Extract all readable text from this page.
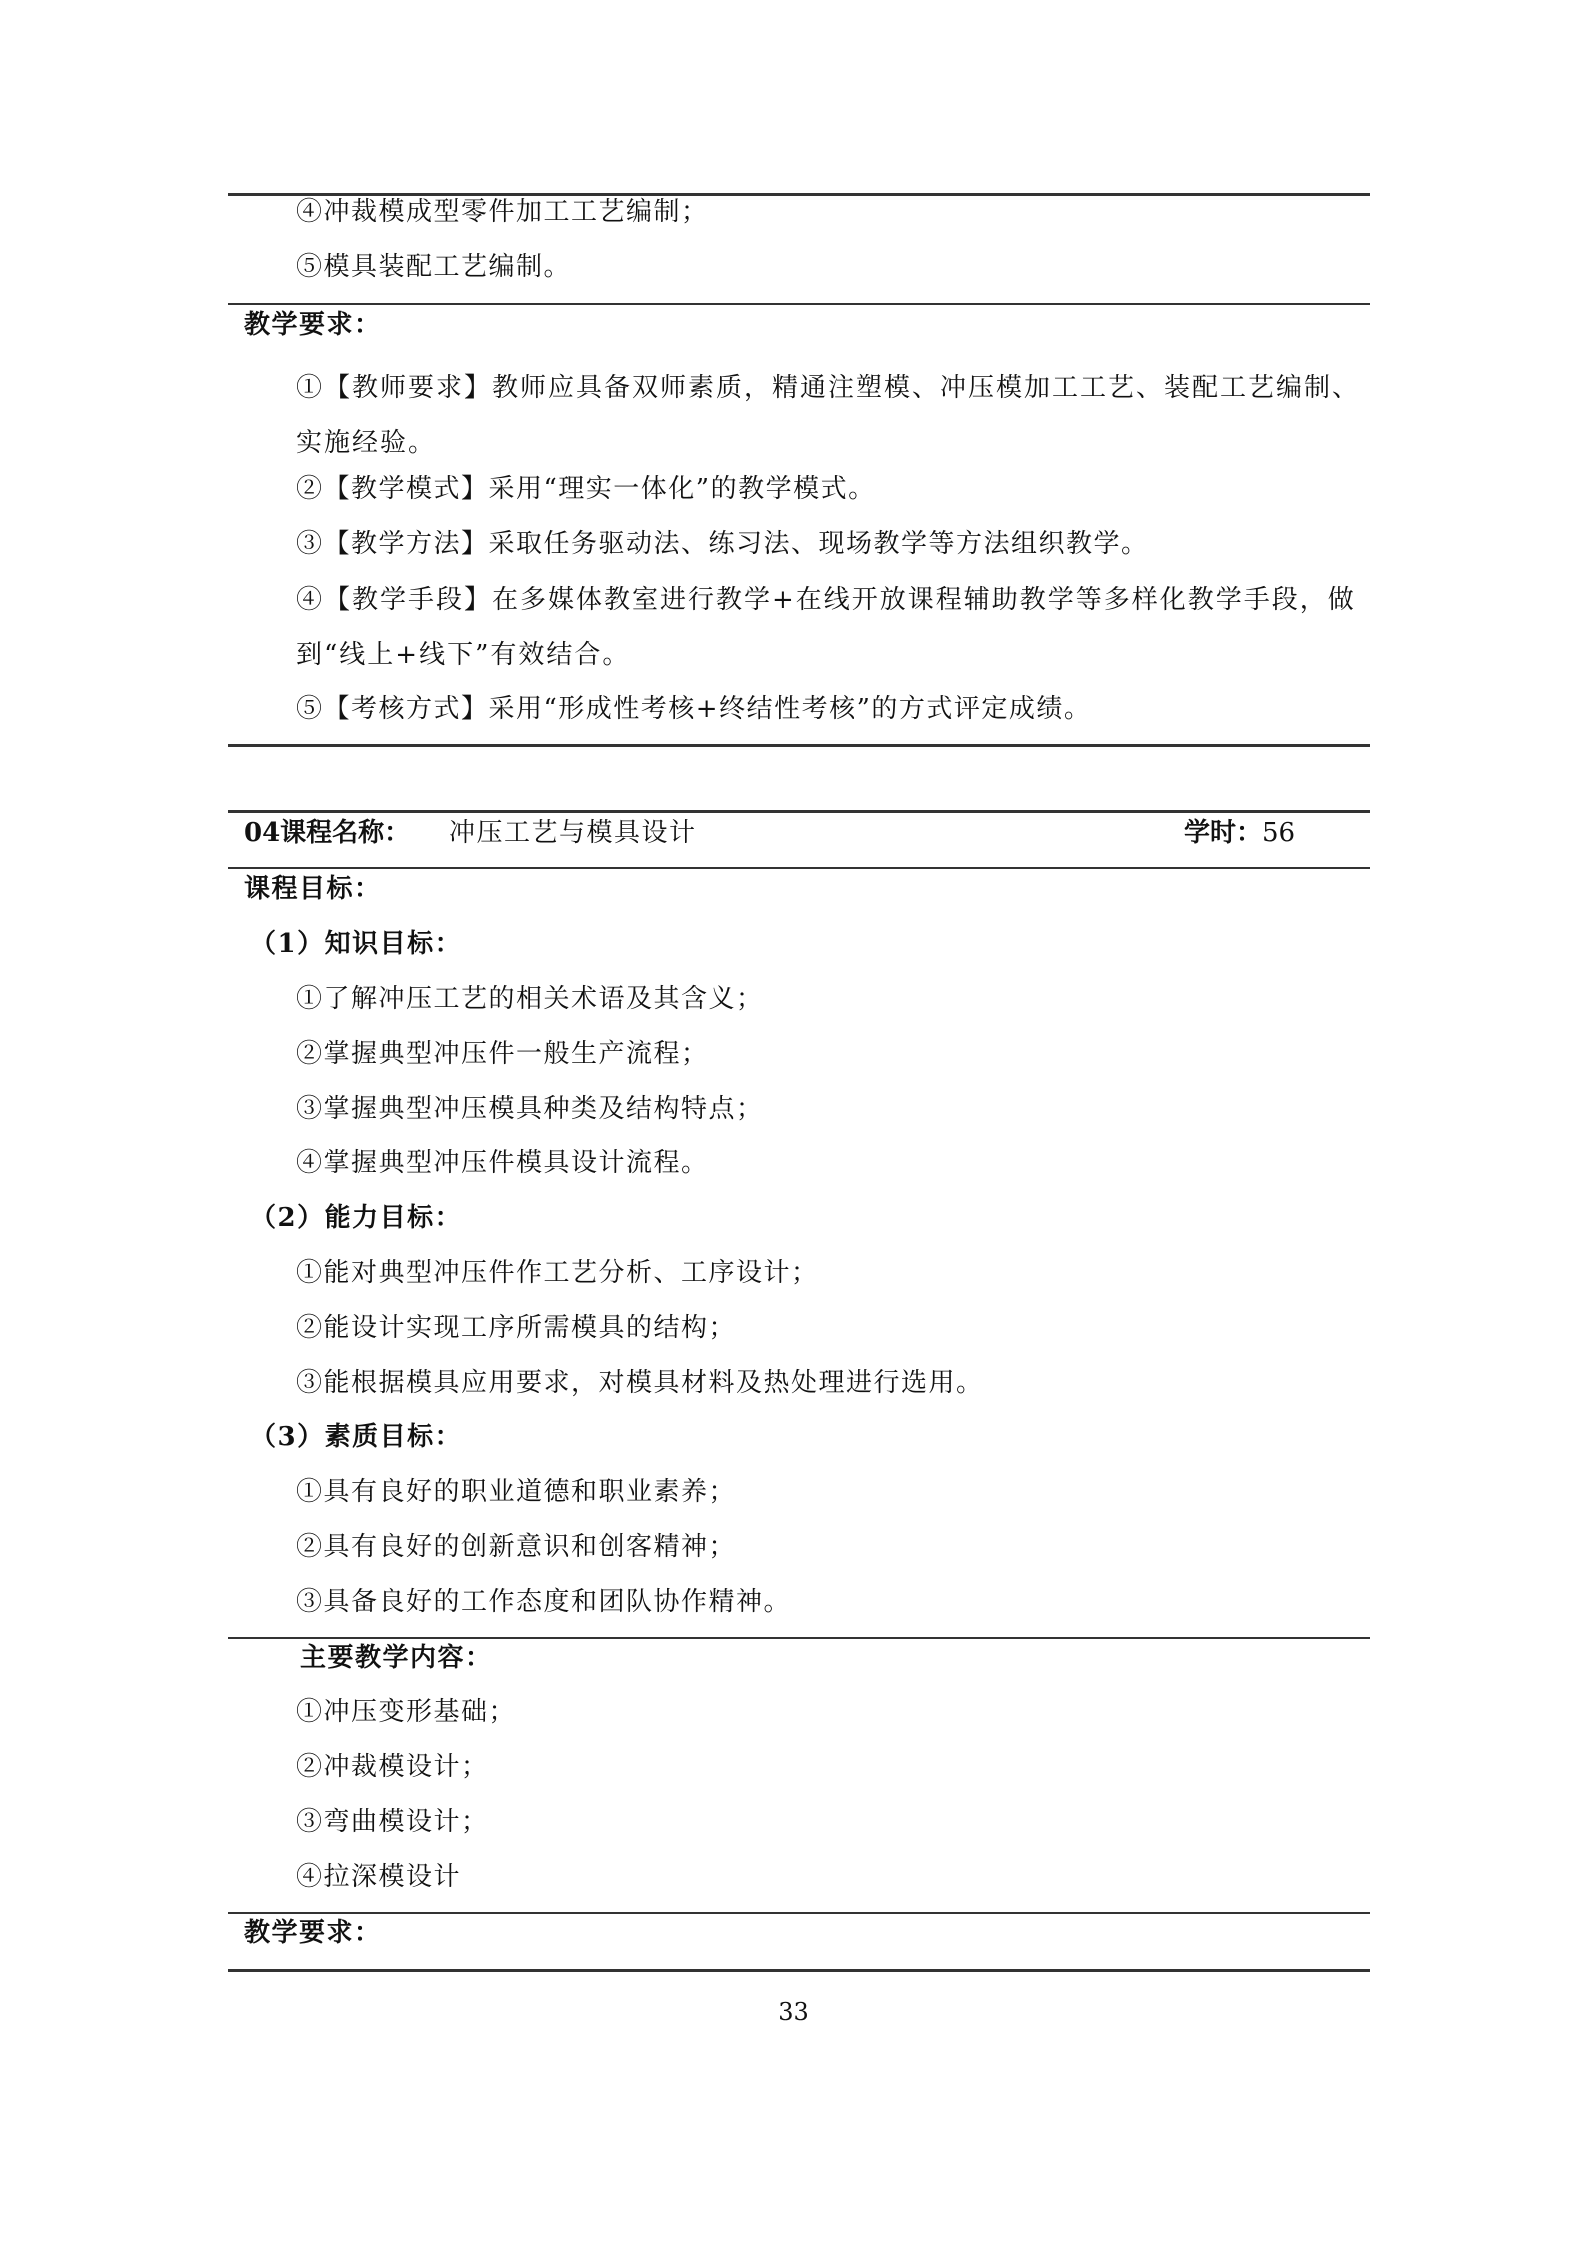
④冲裁模成型零件加工工艺编制；
⑤模具装配工艺编制。
教学要求：
①【教师要求】教师应具备双师素质，精通注塑模、冲压模加工工艺、装配工艺编制、实施经验。
②【教学模式】采用“理实一体化”的教学模式。
③【教学方法】采取任务驱动法、练习法、现场教学等方法组织教学。
④【教学手段】在多媒体教室进行教学+在线开放课程辅助教学等多样化教学手段，做到“线上+线下”有效结合。
⑤【考核方式】采用“形成性考核+终结性考核”的方式评定成绩。
04课程名称： 冲压工艺与模具设计	学时：56
课程目标：
（1）知识目标：
①了解冲压工艺的相关术语及其含义；
②掌握典型冲压件一般生产流程；
③掌握典型冲压模具种类及结构特点；
④掌握典型冲压件模具设计流程。
（2）能力目标：
①能对典型冲压件作工艺分析、工序设计；
②能设计实现工序所需模具的结构；
③能根据模具应用要求，对模具材料及热处理进行选用。
（3）素质目标：
①具有良好的职业道德和职业素养；
②具有良好的创新意识和创客精神；
③具备良好的工作态度和团队协作精神。
主要教学内容：
①冲压变形基础；
②冲裁模设计；
③弯曲模设计；
④拉深模设计
教学要求：
33
